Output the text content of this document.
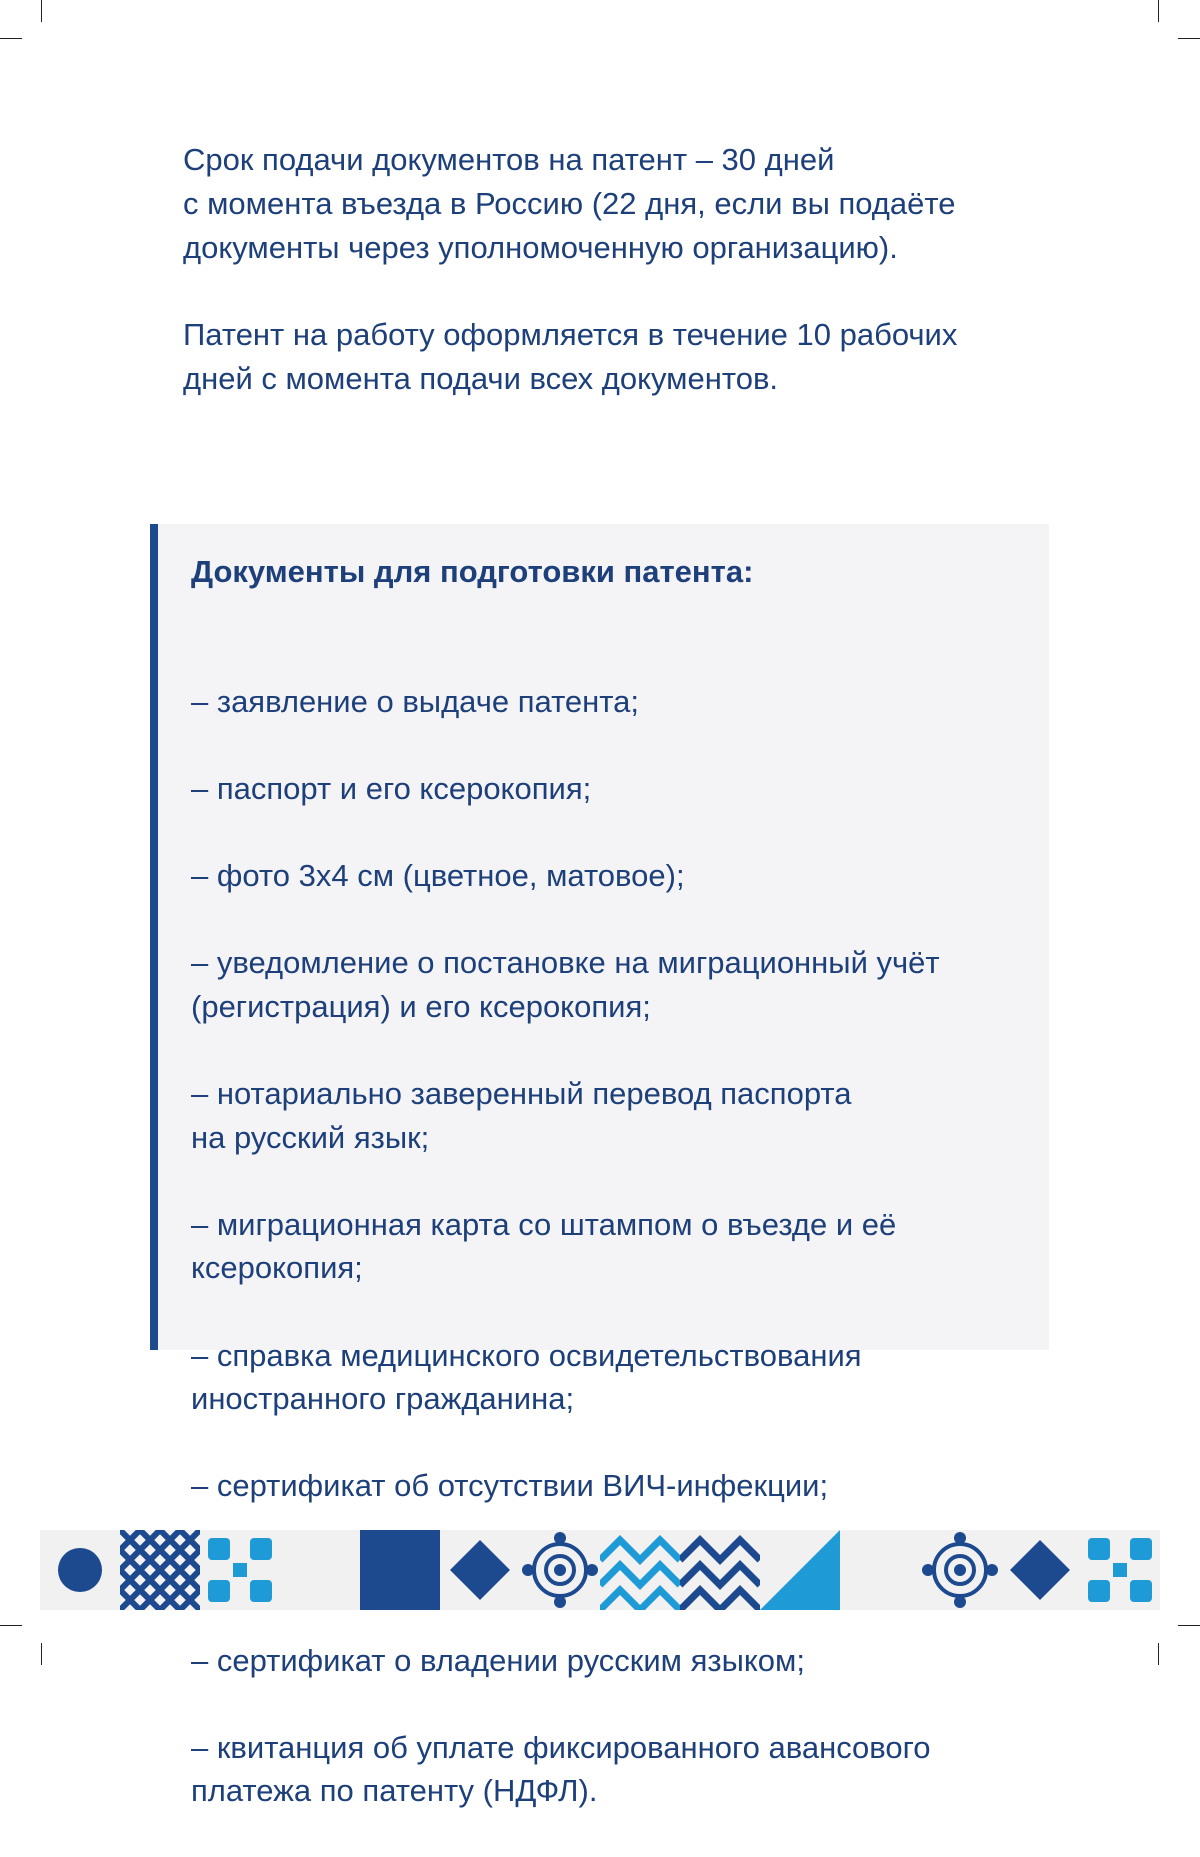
Срок подачи документов на патент – 30 дней
с момента въезда в Россию (22 дня, если вы подаёте
документы через уполномоченную организацию).

Патент на работу оформляется в течение 10 рабочих
дней с момента подачи всех документов.

Документы для подготовки патента:

– заявление о выдаче патента;

– паспорт и его ксерокопия;

– фото 3х4 см (цветное, матовое);

– уведомление о постановке на миграционный учёт
(регистрация) и его ксерокопия;

– нотариально заверенный перевод паспорта
на русский язык;

– миграционная карта со штампом о въезде и её
ксерокопия;

– справка медицинского освидетельствования
иностранного гражданина;

– сертификат об отсутствии ВИЧ-инфекции;

– сертификат о владении русским языком;

– квитанция об уплате фиксированного авансового
платежа по патенту (НДФЛ).
